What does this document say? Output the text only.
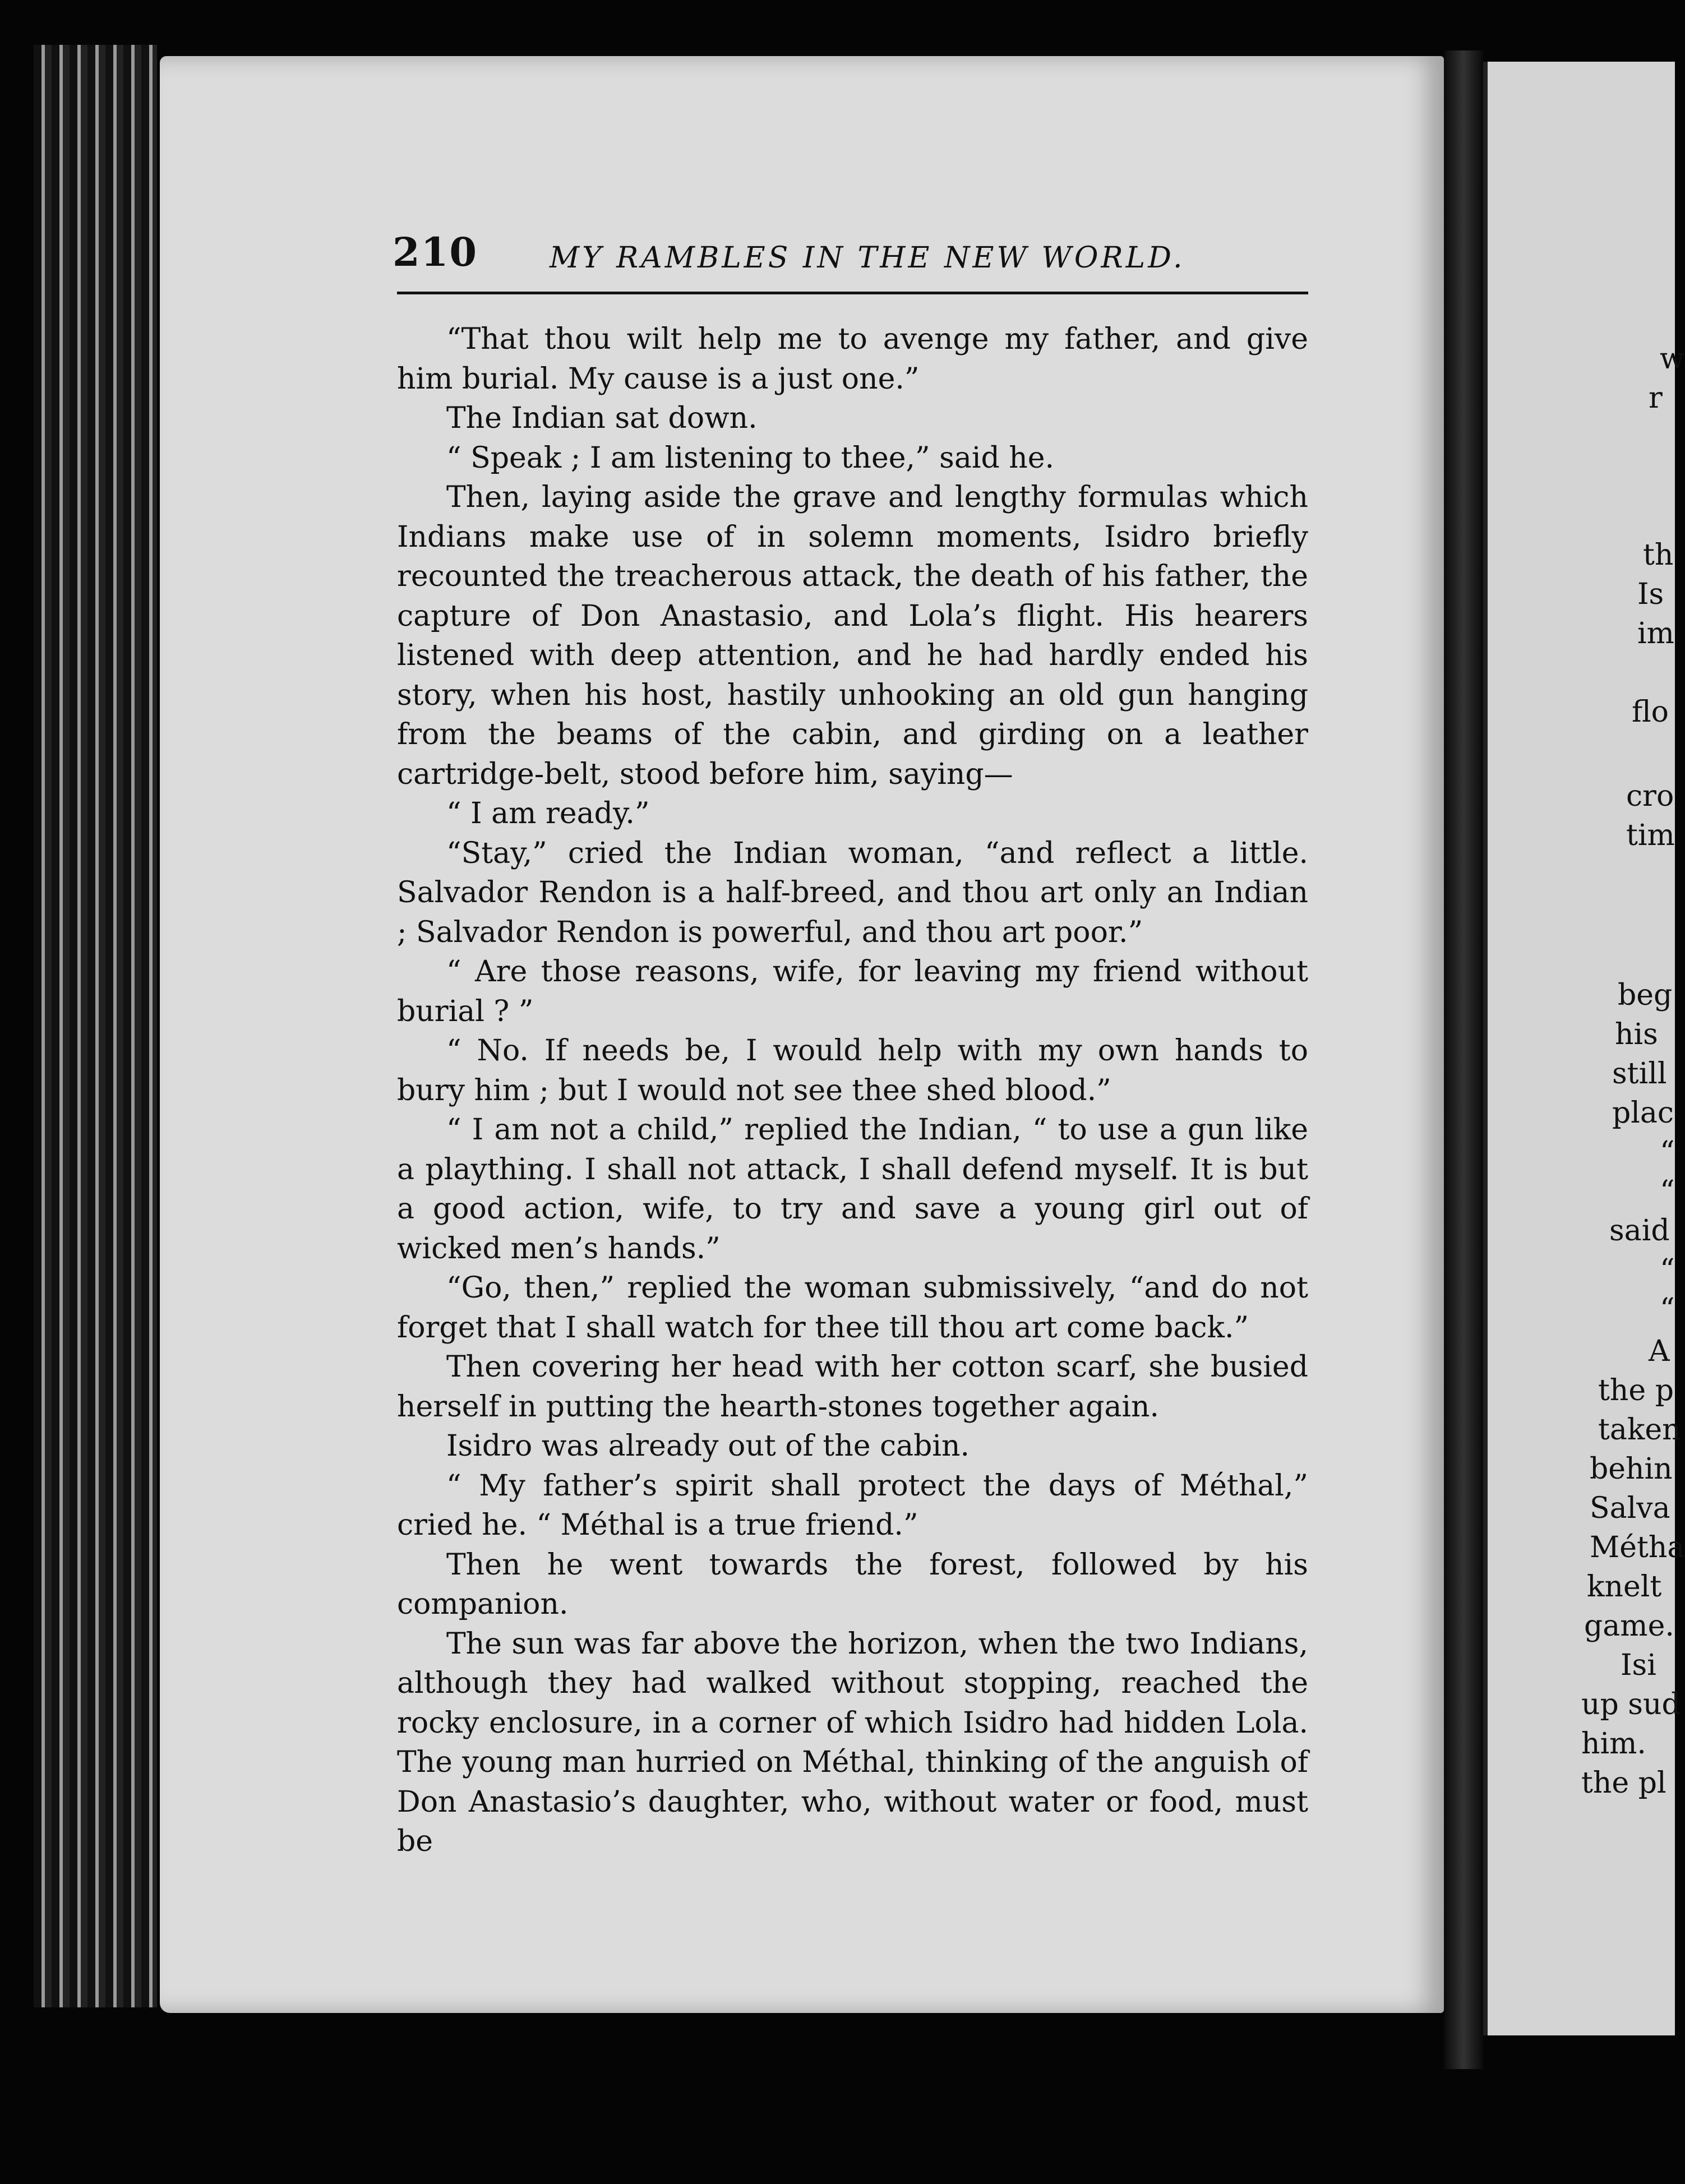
210 MY RAMBLES IN THE NEW WORLD.

“That thou wilt help me to avenge my father, and give him burial. My cause is a just one.”

The Indian sat down.

“ Speak ; I am listening to thee,” said he.

Then, laying aside the grave and lengthy formulas which Indians make use of in solemn moments, Isidro briefly recounted the treacherous attack, the death of his father, the capture of Don Anastasio, and Lola’s flight. His hearers listened with deep attention, and he had hardly ended his story, when his host, hastily unhooking an old gun hanging from the beams of the cabin, and girding on a leather cartridge-belt, stood before him, saying—

“ I am ready.”

“Stay,” cried the Indian woman, “and reflect a little. Salvador Rendon is a half-breed, and thou art only an Indian ; Salvador Rendon is powerful, and thou art poor.”

“ Are those reasons, wife, for leaving my friend without burial ? ”

“ No. If needs be, I would help with my own hands to bury him ; but I would not see thee shed blood.”

“ I am not a child,” replied the Indian, “ to use a gun like a plaything. I shall not attack, I shall defend myself. It is but a good action, wife, to try and save a young girl out of wicked men’s hands.”

“Go, then,” replied the woman submissively, “and do not forget that I shall watch for thee till thou art come back.”

Then covering her head with her cotton scarf, she busied herself in putting the hearth-stones together again.

Isidro was already out of the cabin.

“ My father’s spirit shall protect the days of Méthal,” cried he. “ Méthal is a true friend.”

Then he went towards the forest, followed by his companion.

The sun was far above the horizon, when the two Indians, although they had walked without stopping, reached the rocky enclosure, in a corner of which Isidro had hidden Lola. The young man hurried on Méthal, thinking of the anguish of Don Anastasio’s daughter, who, without water or food, must be

w
r
th
Is
im
flo
cro
tim
beg
his
still
plac
“
“
said
“
“
A
the p
taken
behin
Salva
Métha
knelt
game.
Isi
up sud
him.
the pl
